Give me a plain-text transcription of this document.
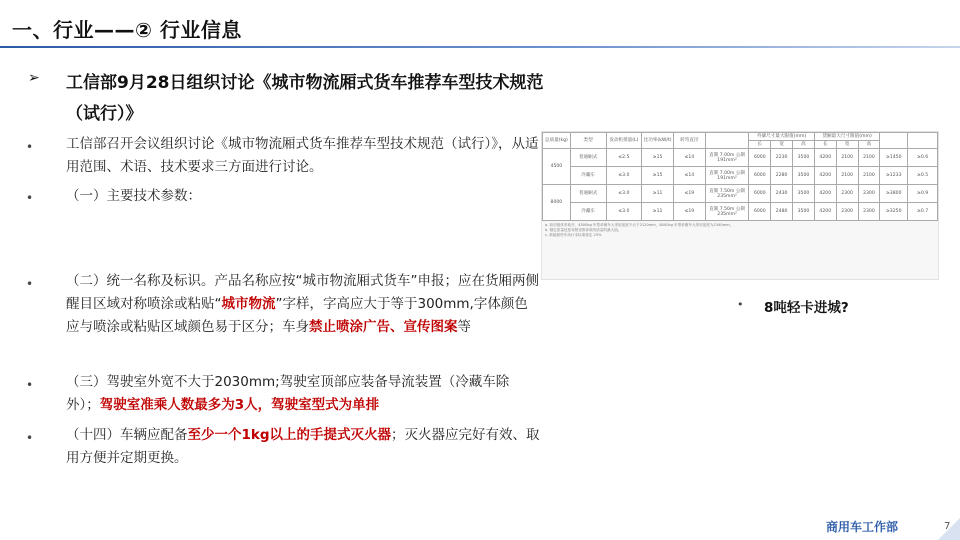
一、行业——② 行业信息
➢ 工信部9月28日组织讨论《城市物流厢式货车推荐车型技术规范（试行）》
• 工信部召开会议组织讨论《城市物流厢式货车推荐车型技术规范（试行）》，从适用范围、术语、技术要求三方面进行讨论。
• （一）主要技术参数：
• （二）统一名称及标识。产品名称应按“城市物流厢式货车”申报；应在货厢两侧醒目区域对称喷涂或粘贴“城市物流”字样，字高应大于等于300mm,字体颜色应与喷涂或粘贴区域颜色易于区分；车身禁止喷涂广告、宣传图案等
• （三）驾驶室外宽不大于2030mm;驾驶室顶部应装备导流装置（冷藏车除外）；驾驶室准乘人数最多为3人，驾驶室型式为单排
• （十四）车辆应配备至少一个1kg以上的手提式灭火器；灭火器应完好有效、取用方便并定期更换。
总质量(kg)	类型	发动机排量(L)	比功率(kW/t)	转弯直径		外廓尺寸最大限值(mm)			货厢最大尺寸限值(mm)				
						长	宽	高	长	宽	高		
4500	普通厢式	≤2.5	≥15	≤14	直制 7.00m 公制 191mm²	6000	2230	3500	4200	2100	2100	≥1450	≥0.6
	冷藏车	≤3.0	≥15	≤14	直制 7.00m 公制 191mm²	6000	2280	3500	4200	2100	2100	≥1233	≥0.5
8000	普通厢式	≤3.0	≥11	≤19	直制 7.50m 公制 235mm²	6000	2430	3500	4200	2300	2300	≥3800	≥0.9
	冷藏车	≤3.0	≥11	≤19	直制 7.50m 公制 235mm²	6000	2480	3500	4200	2300	2300	≥3250	≥0.7
a. 如后箱体采取开，4500kg 车型单侧车大采用宽度不大于2120mm，8000kg 车型单侧车大采用宽度为2340mm。
b. 额定质量包括驾驶室推荐载货质量的最大值。
c. 新能源货车执行本标准规定 25%
• 8吨轻卡进城?
商用车工作部	7
